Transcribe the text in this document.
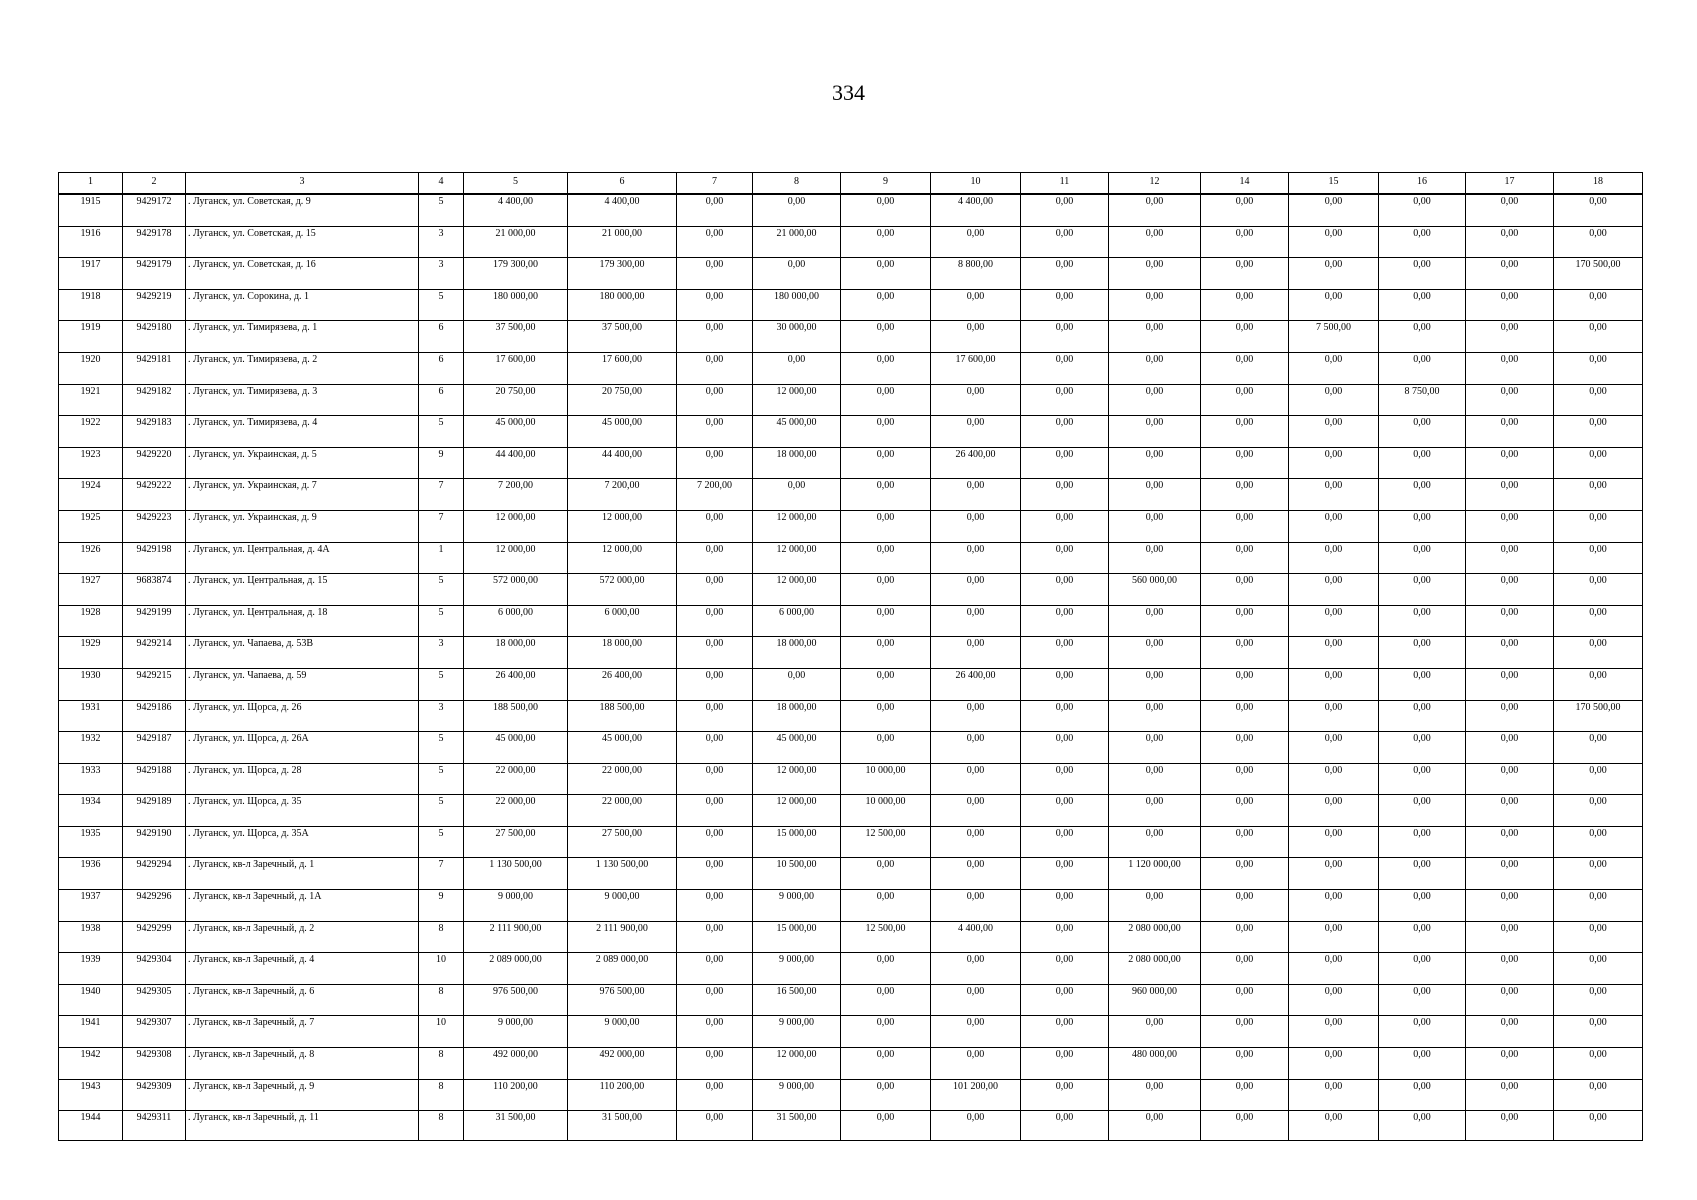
334
1	2	3	4	5	6	7	8	9	10	11	12	14	15	16	17	18
1915	9429172	. Луганск, ул. Советская, д. 9	5	4 400,00	4 400,00	0,00	0,00	0,00	4 400,00	0,00	0,00	0,00	0,00	0,00	0,00	0,00
1916	9429178	. Луганск, ул. Советская, д. 15	3	21 000,00	21 000,00	0,00	21 000,00	0,00	0,00	0,00	0,00	0,00	0,00	0,00	0,00	0,00
1917	9429179	. Луганск, ул. Советская, д. 16	3	179 300,00	179 300,00	0,00	0,00	0,00	8 800,00	0,00	0,00	0,00	0,00	0,00	0,00	170 500,00
1918	9429219	. Луганск, ул. Сорокина, д. 1	5	180 000,00	180 000,00	0,00	180 000,00	0,00	0,00	0,00	0,00	0,00	0,00	0,00	0,00	0,00
1919	9429180	. Луганск, ул. Тимирязева, д. 1	6	37 500,00	37 500,00	0,00	30 000,00	0,00	0,00	0,00	0,00	0,00	7 500,00	0,00	0,00	0,00
1920	9429181	. Луганск, ул. Тимирязева, д. 2	6	17 600,00	17 600,00	0,00	0,00	0,00	17 600,00	0,00	0,00	0,00	0,00	0,00	0,00	0,00
1921	9429182	. Луганск, ул. Тимирязева, д. 3	6	20 750,00	20 750,00	0,00	12 000,00	0,00	0,00	0,00	0,00	0,00	0,00	8 750,00	0,00	0,00
1922	9429183	. Луганск, ул. Тимирязева, д. 4	5	45 000,00	45 000,00	0,00	45 000,00	0,00	0,00	0,00	0,00	0,00	0,00	0,00	0,00	0,00
1923	9429220	. Луганск, ул. Украинская, д. 5	9	44 400,00	44 400,00	0,00	18 000,00	0,00	26 400,00	0,00	0,00	0,00	0,00	0,00	0,00	0,00
1924	9429222	. Луганск, ул. Украинская, д. 7	7	7 200,00	7 200,00	7 200,00	0,00	0,00	0,00	0,00	0,00	0,00	0,00	0,00	0,00	0,00
1925	9429223	. Луганск, ул. Украинская, д. 9	7	12 000,00	12 000,00	0,00	12 000,00	0,00	0,00	0,00	0,00	0,00	0,00	0,00	0,00	0,00
1926	9429198	. Луганск, ул. Центральная, д. 4А	1	12 000,00	12 000,00	0,00	12 000,00	0,00	0,00	0,00	0,00	0,00	0,00	0,00	0,00	0,00
1927	9683874	. Луганск, ул. Центральная, д. 15	5	572 000,00	572 000,00	0,00	12 000,00	0,00	0,00	0,00	560 000,00	0,00	0,00	0,00	0,00	0,00
1928	9429199	. Луганск, ул. Центральная, д. 18	5	6 000,00	6 000,00	0,00	6 000,00	0,00	0,00	0,00	0,00	0,00	0,00	0,00	0,00	0,00
1929	9429214	. Луганск, ул. Чапаева, д. 53В	3	18 000,00	18 000,00	0,00	18 000,00	0,00	0,00	0,00	0,00	0,00	0,00	0,00	0,00	0,00
1930	9429215	. Луганск, ул. Чапаева, д. 59	5	26 400,00	26 400,00	0,00	0,00	0,00	26 400,00	0,00	0,00	0,00	0,00	0,00	0,00	0,00
1931	9429186	. Луганск, ул. Щорса, д. 26	3	188 500,00	188 500,00	0,00	18 000,00	0,00	0,00	0,00	0,00	0,00	0,00	0,00	0,00	170 500,00
1932	9429187	. Луганск, ул. Щорса, д. 26А	5	45 000,00	45 000,00	0,00	45 000,00	0,00	0,00	0,00	0,00	0,00	0,00	0,00	0,00	0,00
1933	9429188	. Луганск, ул. Щорса, д. 28	5	22 000,00	22 000,00	0,00	12 000,00	10 000,00	0,00	0,00	0,00	0,00	0,00	0,00	0,00	0,00
1934	9429189	. Луганск, ул. Щорса, д. 35	5	22 000,00	22 000,00	0,00	12 000,00	10 000,00	0,00	0,00	0,00	0,00	0,00	0,00	0,00	0,00
1935	9429190	. Луганск, ул. Щорса, д. 35А	5	27 500,00	27 500,00	0,00	15 000,00	12 500,00	0,00	0,00	0,00	0,00	0,00	0,00	0,00	0,00
1936	9429294	. Луганск, кв-л Заречный, д. 1	7	1 130 500,00	1 130 500,00	0,00	10 500,00	0,00	0,00	0,00	1 120 000,00	0,00	0,00	0,00	0,00	0,00
1937	9429296	. Луганск, кв-л Заречный, д. 1А	9	9 000,00	9 000,00	0,00	9 000,00	0,00	0,00	0,00	0,00	0,00	0,00	0,00	0,00	0,00
1938	9429299	. Луганск, кв-л Заречный, д. 2	8	2 111 900,00	2 111 900,00	0,00	15 000,00	12 500,00	4 400,00	0,00	2 080 000,00	0,00	0,00	0,00	0,00	0,00
1939	9429304	. Луганск, кв-л Заречный, д. 4	10	2 089 000,00	2 089 000,00	0,00	9 000,00	0,00	0,00	0,00	2 080 000,00	0,00	0,00	0,00	0,00	0,00
1940	9429305	. Луганск, кв-л Заречный, д. 6	8	976 500,00	976 500,00	0,00	16 500,00	0,00	0,00	0,00	960 000,00	0,00	0,00	0,00	0,00	0,00
1941	9429307	. Луганск, кв-л Заречный, д. 7	10	9 000,00	9 000,00	0,00	9 000,00	0,00	0,00	0,00	0,00	0,00	0,00	0,00	0,00	0,00
1942	9429308	. Луганск, кв-л Заречный, д. 8	8	492 000,00	492 000,00	0,00	12 000,00	0,00	0,00	0,00	480 000,00	0,00	0,00	0,00	0,00	0,00
1943	9429309	. Луганск, кв-л Заречный, д. 9	8	110 200,00	110 200,00	0,00	9 000,00	0,00	101 200,00	0,00	0,00	0,00	0,00	0,00	0,00	0,00
1944	9429311	. Луганск, кв-л Заречный, д. 11	8	31 500,00	31 500,00	0,00	31 500,00	0,00	0,00	0,00	0,00	0,00	0,00	0,00	0,00	0,00
